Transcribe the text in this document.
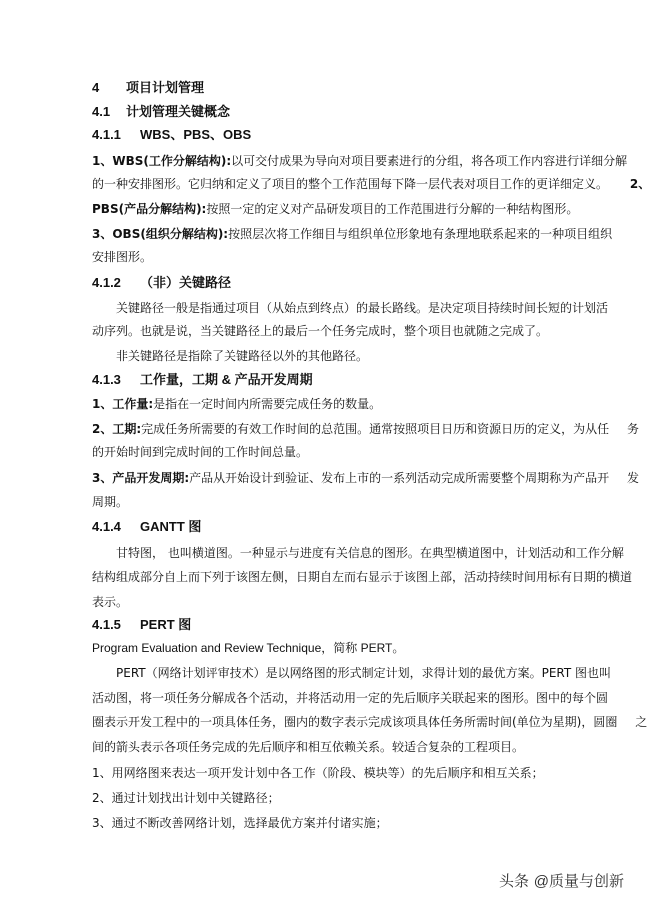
4 项目计划管理
4.1 计划管理关键概念
4.1.1 WBS、PBS、OBS
1、WBS(工作分解结构):以可交付成果为导向对项目要素进行的分组，将各项工作内容进行详细分解
的一种安排图形。它归纳和定义了项目的整个工作范围每下降一层代表对项目工作的更详细定义。 2、
PBS(产品分解结构):按照一定的定义对产品研发项目的工作范围进行分解的一种结构图形。
3、OBS(组织分解结构):按照层次将工作细目与组织单位形象地有条理地联系起来的一种项目组织
安排图形。
4.1.2 （非）关键路径
关键路径一般是指通过项目（从始点到终点）的最长路线。是决定项目持续时间长短的计划活
动序列。也就是说，当关键路径上的最后一个任务完成时，整个项目也就随之完成了。
非关键路径是指除了关键路径以外的其他路径。
4.1.3 工作量，工期 & 产品开发周期
1、工作量:是指在一定时间内所需要完成任务的数量。
2、工期:完成任务所需要的有效工作时间的总范围。通常按照项目日历和资源日历的定义，为从任 务
的开始时间到完成时间的工作时间总量。
3、产品开发周期:产品从开始设计到验证、发布上市的一系列活动完成所需要整个周期称为产品开 发
周期。
4.1.4 GANTT 图
甘特图， 也叫横道图。一种显示与进度有关信息的图形。在典型横道图中，计划活动和工作分解
结构组成部分自上而下列于该图左侧，日期自左而右显示于该图上部，活动持续时间用标有日期的横道
表示。
4.1.5 PERT 图
Program Evaluation and Review Technique，简称 PERT。
PERT（网络计划评审技术）是以网络图的形式制定计划，求得计划的最优方案。PERT 图也叫
活动图，将一项任务分解成各个活动，并将活动用一定的先后顺序关联起来的图形。图中的每个圆
圈表示开发工程中的一项具体任务，圈内的数字表示完成该项具体任务所需时间(单位为星期)，圆圈 之
间的箭头表示各项任务完成的先后顺序和相互依赖关系。较适合复杂的工程项目。
1、用网络图来表达一项开发计划中各工作（阶段、模块等）的先后顺序和相互关系；
2、通过计划找出计划中关键路径；
3、通过不断改善网络计划，选择最优方案并付诸实施；
头条 @质量与创新
